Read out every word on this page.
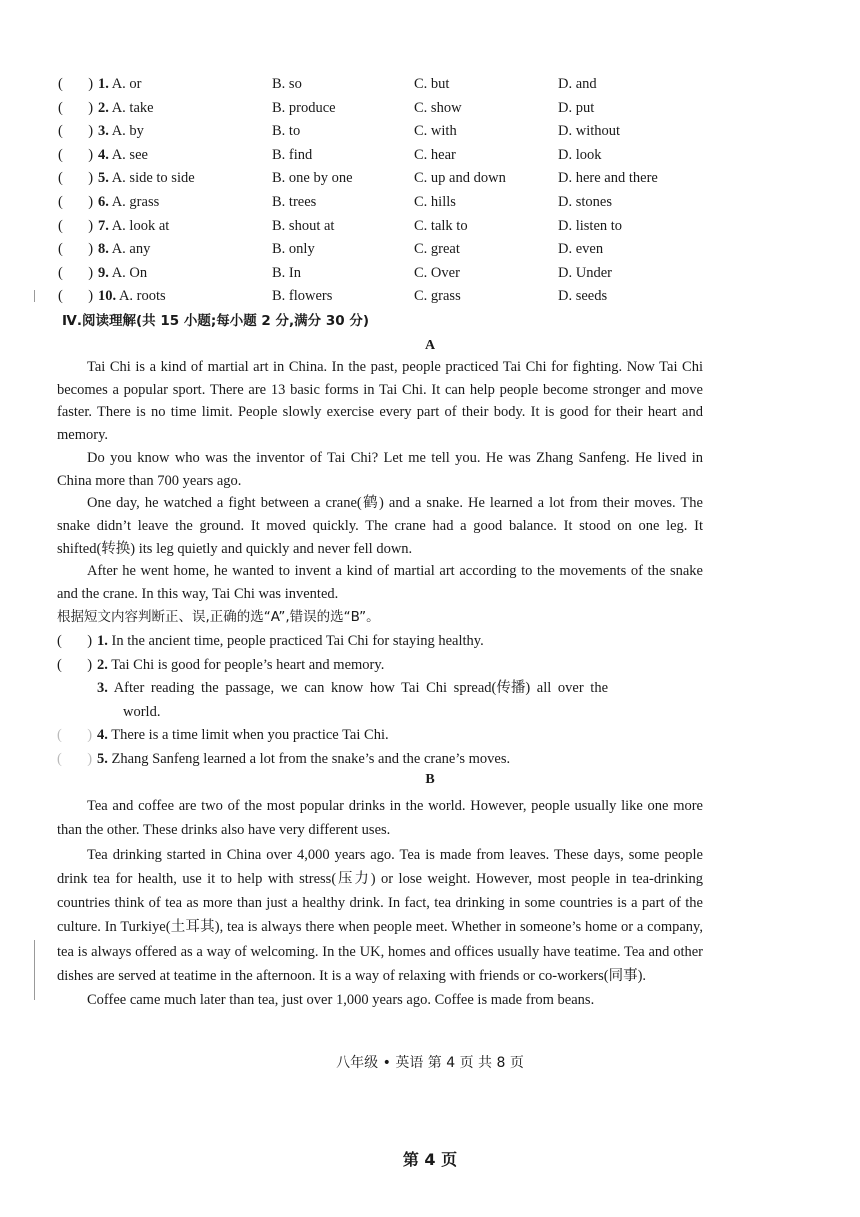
(       ) 1. A. or	B. so	C. but	D. and
(       ) 2. A. take	B. produce	C. show	D. put
(       ) 3. A. by	B. to	C. with	D. without
(       ) 4. A. see	B. find	C. hear	D. look
(       ) 5. A. side to side	B. one by one	C. up and down	D. here and there
(       ) 6. A. grass	B. trees	C. hills	D. stones
(       ) 7. A. look at	B. shout at	C. talk to	D. listen to
(       ) 8. A. any	B. only	C. great	D. even
(       ) 9. A. On	B. In	C. Over	D. Under
(       ) 10. A. roots	B. flowers	C. grass	D. seeds
Ⅳ.阅读理解(共 15 小题;每小题 2 分,满分 30 分)
A

Tai Chi is a kind of martial art in China. In the past, people practiced Tai Chi for fighting. Now Tai Chi becomes a popular sport. There are 13 basic forms in Tai Chi. It can help people become stronger and move faster. There is no time limit. People slowly exercise every part of their body. It is good for their heart and memory.

Do you know who was the inventor of Tai Chi? Let me tell you. He was Zhang Sanfeng. He lived in China more than 700 years ago.

One day, he watched a fight between a crane(鹤) and a snake. He learned a lot from their moves. The snake didn’t leave the ground. It moved quickly. The crane had a good balance. It stood on one leg. It shifted(转换) its leg quietly and quickly and never fell down.

After he went home, he wanted to invent a kind of martial art according to the movements of the snake and the crane. In this way, Tai Chi was invented.

根据短文内容判断正、误,正确的选“A”,错误的选“B”。

(       ) 1. In the ancient time, people practiced Tai Chi for staying healthy.
(       ) 2. Tai Chi is good for people’s heart and memory.
(       ) 3. After reading the passage, we can know how Tai Chi spread(传播) all over the
world.
(       ) 4. There is a time limit when you practice Tai Chi.
(       ) 5. Zhang Sanfeng learned a lot from the snake’s and the crane’s moves.
B

Tea and coffee are two of the most popular drinks in the world. However, people usually like one more than the other. These drinks also have very different uses.

Tea drinking started in China over 4,000 years ago. Tea is made from leaves. These days, some people drink tea for health, use it to help with stress(压力) or lose weight. However, most people in tea-drinking countries think of tea as more than just a healthy drink. In fact, tea drinking in some countries is a part of the culture. In Turkiye(土耳其), tea is always there when people meet. Whether in someone’s home or a company, tea is always offered as a way of welcoming. In the UK, homes and offices usually have teatime. Tea and other dishes are served at teatime in the afternoon. It is a way of relaxing with friends or co-workers(同事).

Coffee came much later than tea, just over 1,000 years ago. Coffee is made from beans.

八年级 • 英语 第 4 页 共 8 页
第 4 页
